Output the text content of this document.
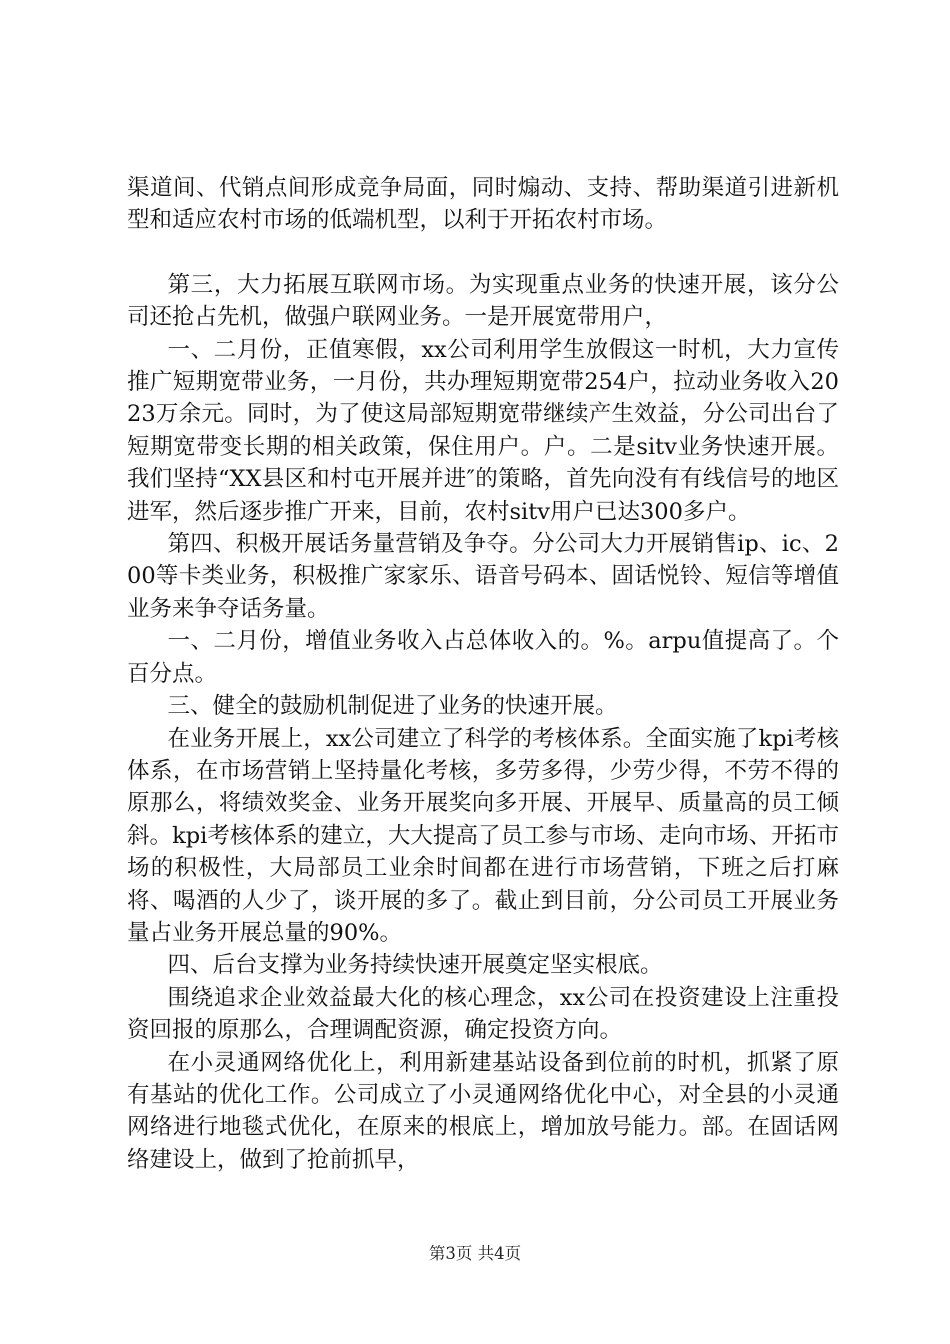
渠道间、代销点间形成竞争局面，同时煽动、支持、帮助渠道引进新机型和适应农村市场的低端机型，以利于开拓农村市场。

第三，大力拓展互联网市场。为实现重点业务的快速开展，该分公司还抢占先机，做强户联网业务。一是开展宽带用户，

一、二月份，正值寒假，xx公司利用学生放假这一时机，大力宣传推广短期宽带业务，一月份，共办理短期宽带254户，拉动业务收入2023万余元。同时，为了使这局部短期宽带继续产生效益，分公司出台了短期宽带变长期的相关政策，保住用户。户。二是sitv业务快速开展。我们坚持“XX县区和村屯开展并进″的策略，首先向没有有线信号的地区进军，然后逐步推广开来，目前，农村sitv用户已达300多户。

第四、积极开展话务量营销及争夺。分公司大力开展销售ip、ic、200等卡类业务，积极推广家家乐、语音号码本、固话悦铃、短信等增值业务来争夺话务量。

一、二月份，增值业务收入占总体收入的。%。arpu值提高了。个百分点。

三、健全的鼓励机制促进了业务的快速开展。

在业务开展上，xx公司建立了科学的考核体系。全面实施了kpi考核体系，在市场营销上坚持量化考核，多劳多得，少劳少得，不劳不得的原那么，将绩效奖金、业务开展奖向多开展、开展早、质量高的员工倾斜。kpi考核体系的建立，大大提高了员工参与市场、走向市场、开拓市场的积极性，大局部员工业余时间都在进行市场营销，下班之后打麻将、喝酒的人少了，谈开展的多了。截止到目前，分公司员工开展业务量占业务开展总量的90%。

四、后台支撑为业务持续快速开展奠定坚实根底。

围绕追求企业效益最大化的核心理念，xx公司在投资建设上注重投资回报的原那么，合理调配资源，确定投资方向。

在小灵通网络优化上，利用新建基站设备到位前的时机，抓紧了原有基站的优化工作。公司成立了小灵通网络优化中心，对全县的小灵通网络进行地毯式优化，在原来的根底上，增加放号能力。部。在固话网络建设上，做到了抢前抓早，

第3页 共4页
